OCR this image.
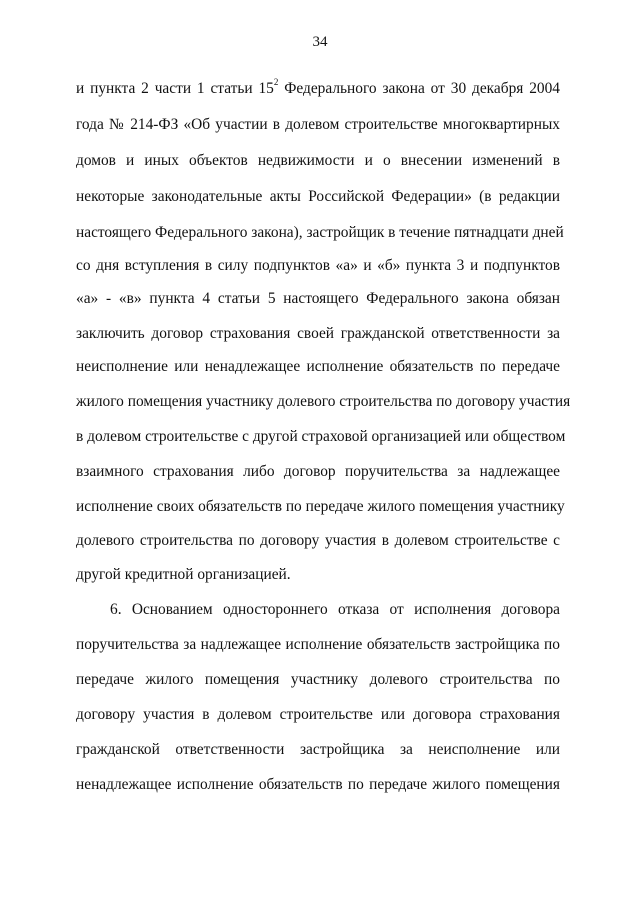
34
и пункта 2 части 1 статьи $15^2$ Федерального закона от 30 декабря 2004
года № 214-ФЗ «Об участии в долевом строительстве многоквартирных
домов и иных объектов недвижимости и о внесении изменений в
некоторые законодательные акты Российской Федерации» (в редакции
настоящего Федерального закона), застройщик в течение пятнадцати дней
со дня вступления в силу подпунктов «а» и «б» пункта 3 и подпунктов
«а» - «в» пункта 4 статьи 5 настоящего Федерального закона обязан
заключить договор страхования своей гражданской ответственности за
неисполнение или ненадлежащее исполнение обязательств по передаче
жилого помещения участнику долевого строительства по договору участия
в долевом строительстве с другой страховой организацией или обществом
взаимного страхования либо договор поручительства за надлежащее
исполнение своих обязательств по передаче жилого помещения участнику
долевого строительства по договору участия в долевом строительстве с
другой кредитной организацией.
6. Основанием одностороннего отказа от исполнения договора
поручительства за надлежащее исполнение обязательств застройщика по
передаче жилого помещения участнику долевого строительства по
договору участия в долевом строительстве или договора страхования
гражданской ответственности застройщика за неисполнение или
ненадлежащее исполнение обязательств по передаче жилого помещения
